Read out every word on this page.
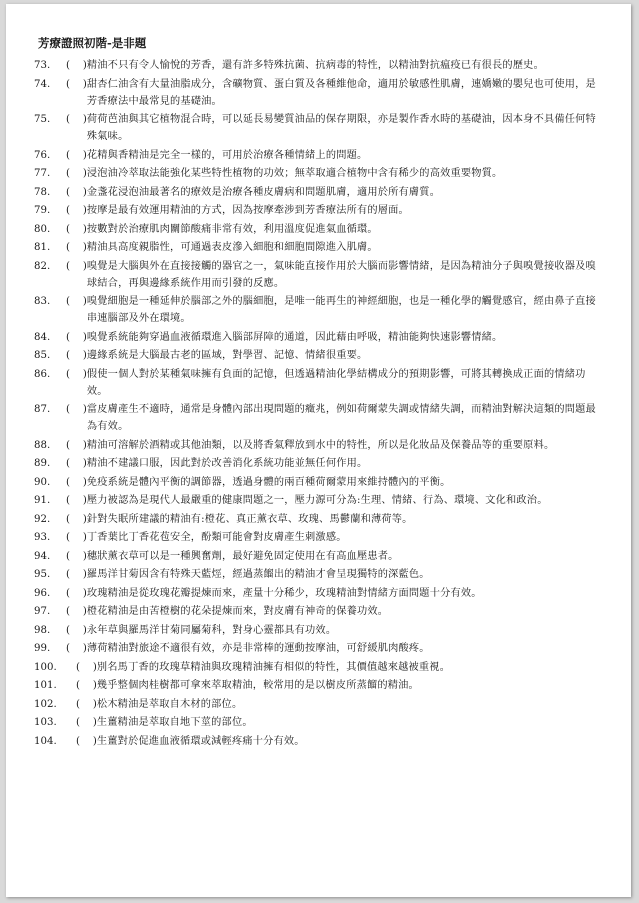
芳療證照初階-是非題
73.	(    ) 精油不只有令人愉悅的芳香，還有許多特殊抗菌、抗病毒的特性，以精油對抗瘟疫已有很長的歷史。
74.	(    ) 甜杏仁油含有大量油脂成分，含礦物質、蛋白質及各種維他命，適用於敏感性肌膚，連嬌嫩的嬰兒也可使用，是芳香療法中最常見的基礎油。
75.	(    ) 荷荷芭油與其它植物混合時，可以延長易變質油品的保存期限，亦是製作香水時的基礎油，因本身不具備任何特殊氣味。
76.	(    ) 花精與香精油是完全一樣的，可用於治療各種情緒上的問題。
77.	(    ) 浸泡油冷萃取法能強化某些特性植物的功效；無萃取適合植物中含有稀少的高效重要物質。
78.	(    ) 金盞花浸泡油最著名的療效是治療各種皮膚病和問題肌膚，適用於所有膚質。
79.	(    ) 按摩是最有效運用精油的方式，因為按摩牽涉到芳香療法所有的層面。
80.	(    ) 按數對於治療肌肉關節酸痛非常有效，利用溫度促進氣血循環。
81.	(    ) 精油具高度親脂性，可通過表皮滲入細胞和細胞間隙進入肌膚。
82.	(    ) 嗅覺是大腦與外在直接接觸的器官之一，氣味能直接作用於大腦而影響情緒，是因為精油分子與嗅覺接收器及嗅球結合，再與邊緣系統作用而引發的反應。
83.	(    ) 嗅覺細胞是一種延伸於腦部之外的腦細胞，是唯一能再生的神經細胞，也是一種化學的觸覺感官，經由鼻子直接串連腦部及外在環境。
84.	(    ) 嗅覺系統能夠穿過血液循環進入腦部屏障的通道，因此藉由呼吸，精油能夠快速影響情緒。
85.	(    ) 邊緣系統是大腦最古老的區域，對學習、記憶、情緒很重要。
86.	(    ) 假使一個人對於某種氣味擁有負面的記憶，但透過精油化學結構成分的預期影響，可將其轉換成正面的情緒功效。
87.	(    ) 當皮膚產生不適時，通常是身體內部出現問題的癥兆，例如荷爾蒙失調或情緒失調，而精油對解決這類的問題最為有效。
88.	(    ) 精油可溶解於酒精或其他油類，以及將香氣釋放到水中的特性，所以是化妝品及保養品等的重要原料。
89.	(    ) 精油不建議口服，因此對於改善消化系統功能並無任何作用。
90.	(    ) 免疫系統是體內平衡的調節器，透過身體的兩百種荷爾蒙用來維持體內的平衡。
91.	(    ) 壓力被認為是現代人最嚴重的健康問題之一，壓力源可分為:生理、情緒、行為、環境、文化和政治。
92.	(    ) 針對失眠所建議的精油有:橙花、真正薰衣草、玫瑰、馬鬱蘭和薄荷等。
93.	(    ) 丁香葉比丁香花苞安全，酚類可能會對皮膚產生刺激感。
94.	(    ) 穗狀薰衣草可以是一種興奮劑，最好避免固定使用在有高血壓患者。
95.	(    ) 羅馬洋甘菊因含有特殊天藍烴，經過蒸餾出的精油才會呈現獨特的深藍色。
96.	(    ) 玫瑰精油是從玫瑰花瓣提煉而來，產量十分稀少，玫瑰精油對情緒方面問題十分有效。
97.	(    ) 橙花精油是由苦橙樹的花朵提煉而來，對皮膚有神奇的保養功效。
98.	(    ) 永年草與羅馬洋甘菊同屬菊科，對身心靈都具有功效。
99.	(    ) 薄荷精油對旅途不適很有效，亦是非常棒的運動按摩油，可舒緩肌肉酸疼。
100.	(    ) 別名馬丁香的玫瑰草精油與玫瑰精油擁有相似的特性，其價值越來越被重視。
101.	(    ) 幾乎整個肉桂樹都可拿來萃取精油，較常用的是以樹皮所蒸餾的精油。
102.	(    ) 松木精油是萃取自木材的部位。
103.	(    ) 生薑精油是萃取自地下莖的部位。
104.	(    ) 生薑對於促進血液循環或減輕疼痛十分有效。
